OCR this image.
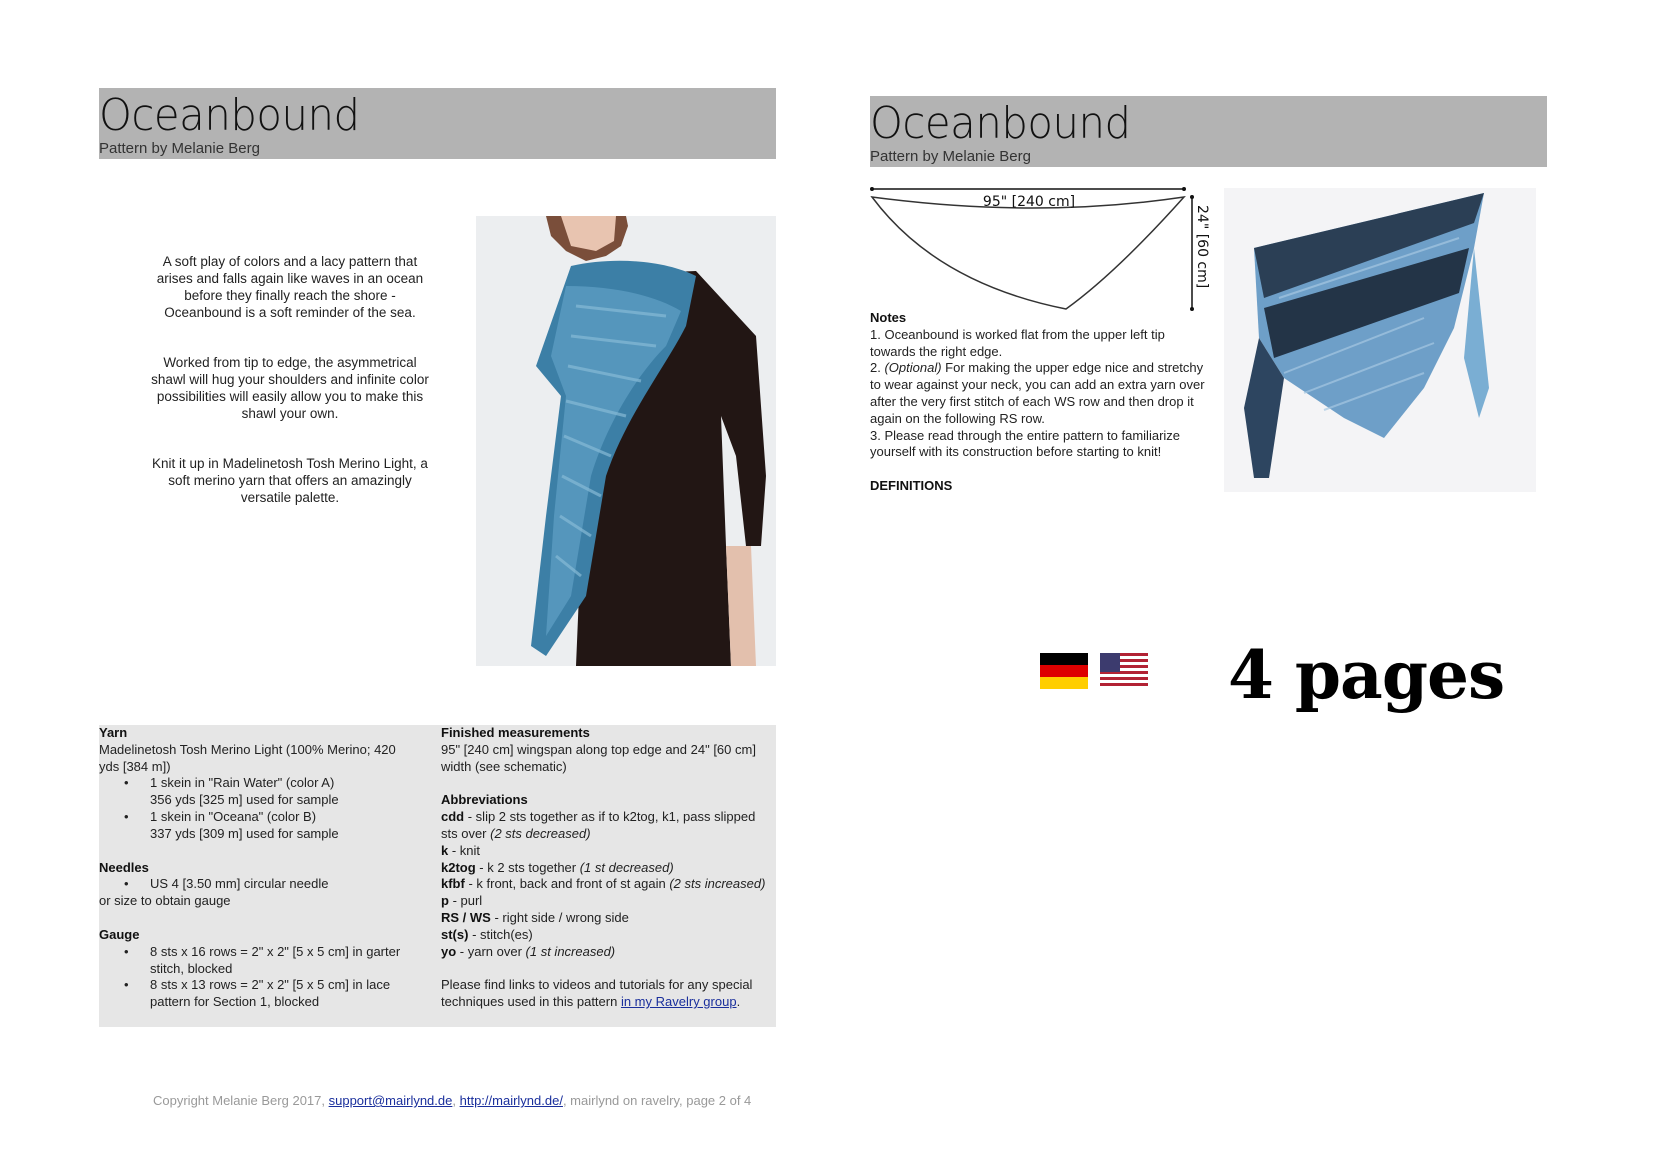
Oceanbound
Pattern by Melanie Berg

A soft play of colors and a lacy pattern that arises and falls again like waves in an ocean before they finally reach the shore - Oceanbound is a soft reminder of the sea.

Worked from tip to edge, the asymmetrical shawl will hug your shoulders and infinite color possibilities will easily allow you to make this shawl your own.

Knit it up in Madelinetosh Tosh Merino Light, a soft merino yarn that offers an amazingly versatile palette.

Yarn
Madelinetosh Tosh Merino Light (100% Merino; 420 yds [384 m])
• 1 skein in "Rain Water" (color A)
356 yds [325 m] used for sample
• 1 skein in "Oceana" (color B)
337 yds [309 m] used for sample
Needles
• US 4 [3.50 mm] circular needle
or size to obtain gauge
Gauge
• 8 sts x 16 rows = 2" x 2" [5 x 5 cm] in garter stitch, blocked
• 8 sts x 13 rows = 2" x 2" [5 x 5 cm] in lace pattern for Section 1, blocked
Finished measurements
95" [240 cm] wingspan along top edge and 24" [60 cm] width (see schematic)
Abbreviations
cdd - slip 2 sts together as if to k2tog, k1, pass slipped sts over (2 sts decreased)
k - knit
k2tog - k 2 sts together (1 st decreased)
kfbf - k front, back and front of st again (2 sts increased)
p - purl
RS / WS - right side / wrong side
st(s) - stitch(es)
yo - yarn over (1 st increased)
Please find links to videos and tutorials for any special techniques used in this pattern in my Ravelry group.
Copyright Melanie Berg 2017, support@mairlynd.de, http://mairlynd.de/, mairlynd on ravelry, page 2 of 4
Oceanbound
Pattern by Melanie Berg
95" [240 cm]
24" [60 cm]
Notes
1. Oceanbound is worked flat from the upper left tip towards the right edge.
2. (Optional) For making the upper edge nice and stretchy to wear against your neck, you can add an extra yarn over after the very first stitch of each WS row and then drop it again on the following RS row.
3. Please read through the entire pattern to familiarize yourself with its construction before starting to knit!
DEFINITIONS
4 pages
